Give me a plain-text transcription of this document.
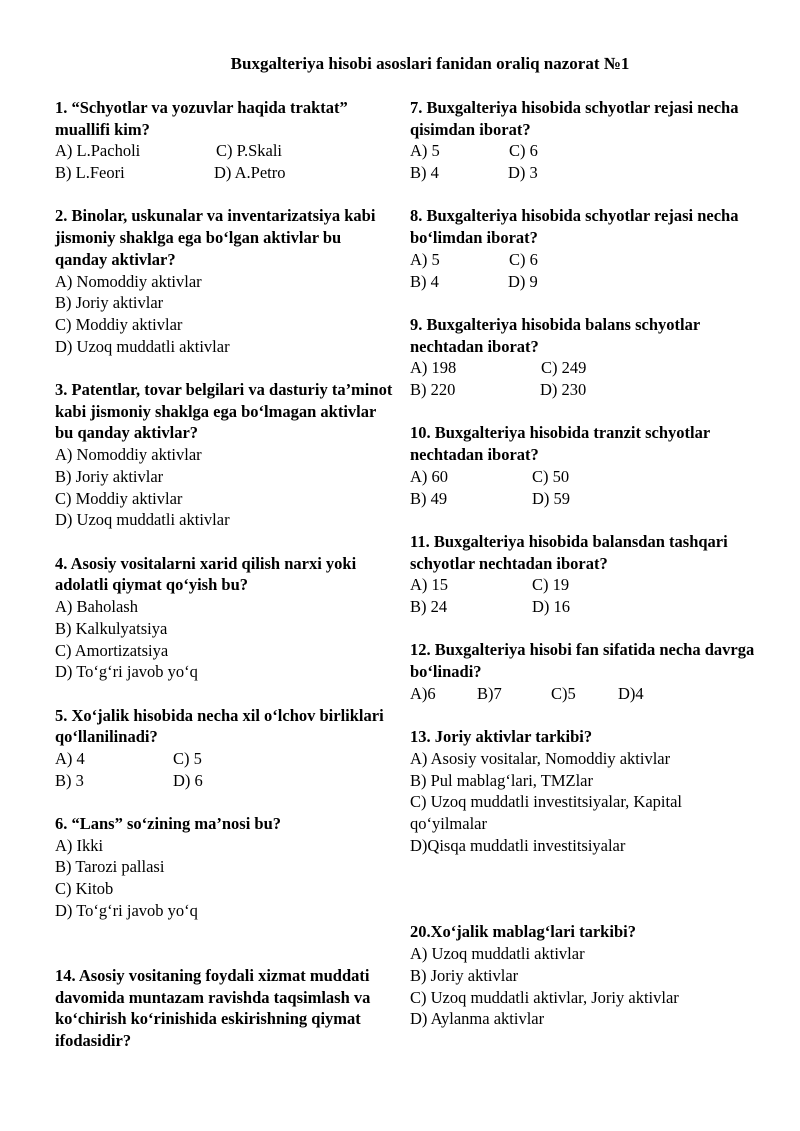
Buxgalteriya hisobi asoslari fanidan oraliq nazorat №1
1. “Schyotlar va yozuvlar haqida traktat” muallifi kim?
A) L.Pacholi	C) P.Skali
B) L.Feori	D) A.Petro
2. Binolar, uskunalar va inventarizatsiya kabi jismoniy shaklga ega bo‘lgan aktivlar bu qanday aktivlar?
A) Nomoddiy aktivlar
B) Joriy aktivlar
C) Moddiy aktivlar
D) Uzoq muddatli aktivlar
3. Patentlar, tovar belgilari va dasturiy ta’minot kabi jismoniy shaklga ega bo‘lmagan aktivlar bu qanday aktivlar?
A) Nomoddiy aktivlar
B) Joriy aktivlar
C) Moddiy aktivlar
D) Uzoq muddatli aktivlar
4. Asosiy vositalarni xarid qilish narxi yoki adolatli qiymat qo‘yish bu?
A) Baholash
B) Kalkulyatsiya
C) Amortizatsiya
D) To‘g‘ri javob yo‘q
5. Xo‘jalik hisobida necha xil o‘lchov birliklari qo‘llanilinadi?
A) 4	C) 5
B) 3	D) 6
6. “Lans” so‘zining ma’nosi bu?
A) Ikki
B) Tarozi pallasi
C) Kitob
D) To‘g‘ri javob yo‘q
14. Asosiy vositaning foydali xizmat muddati davomida muntazam ravishda taqsimlash va ko‘chirish ko‘rinishida eskirishning qiymat ifodasidir?
7. Buxgalteriya hisobida schyotlar rejasi necha qisimdan iborat?
A) 5	C) 6
B) 4	D) 3
8. Buxgalteriya hisobida schyotlar rejasi necha bo‘limdan iborat?
A) 5	C) 6
B) 4	D) 9
9. Buxgalteriya hisobida balans schyotlar nechtadan iborat?
A) 198	C) 249
B) 220	D) 230
10. Buxgalteriya hisobida tranzit schyotlar nechtadan iborat?
A) 60	C) 50
B) 49	D) 59
11. Buxgalteriya hisobida balansdan tashqari schyotlar nechtadan iborat?
A) 15	C) 19
B) 24	D) 16
12. Buxgalteriya hisobi fan sifatida necha davrga bo‘linadi?
A)6	B)7	C)5	D)4
13. Joriy aktivlar tarkibi?
A) Asosiy vositalar, Nomoddiy aktivlar
B) Pul mablag‘lari, TMZlar
C) Uzoq muddatli investitsiyalar, Kapital qo‘yilmalar
D)Qisqa muddatli investitsiyalar
20.Xo‘jalik mablag‘lari tarkibi?
A) Uzoq muddatli aktivlar
B) Joriy aktivlar
C) Uzoq muddatli aktivlar, Joriy aktivlar
D) Aylanma aktivlar
